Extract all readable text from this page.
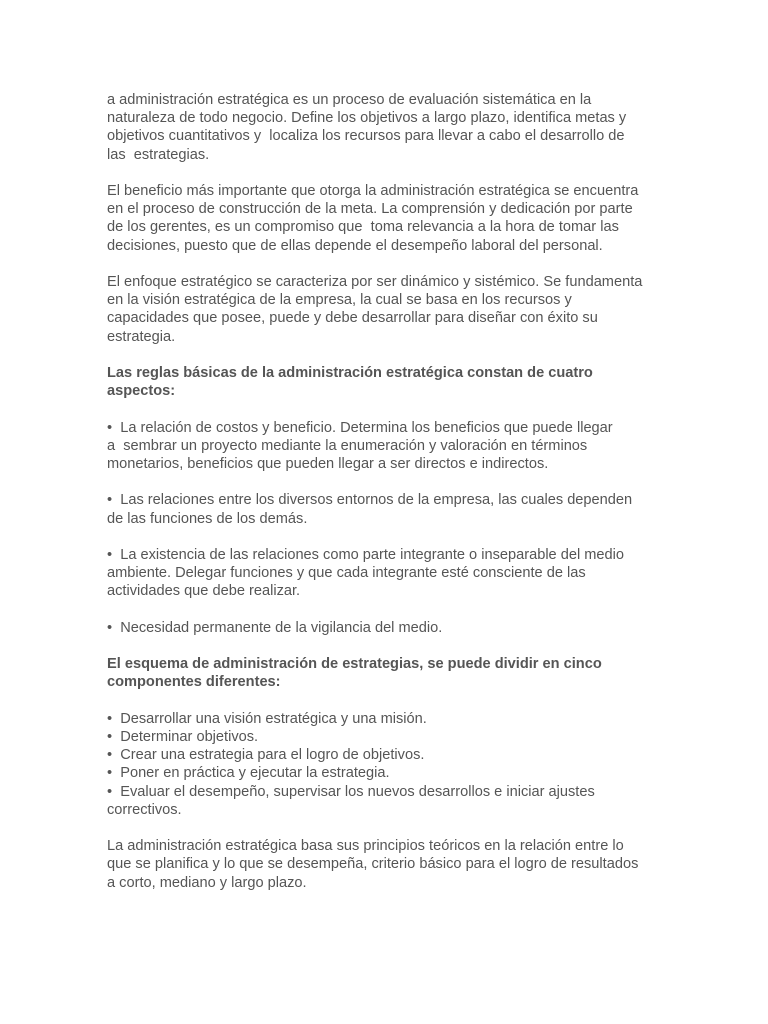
a administración estratégica es un proceso de evaluación sistemática en la
naturaleza de todo negocio. Define los objetivos a largo plazo, identifica metas y
objetivos cuantitativos y  localiza los recursos para llevar a cabo el desarrollo de
las  estrategias.

El beneficio más importante que otorga la administración estratégica se encuentra
en el proceso de construcción de la meta. La comprensión y dedicación por parte
de los gerentes, es un compromiso que  toma relevancia a la hora de tomar las
decisiones, puesto que de ellas depende el desempeño laboral del personal.

El enfoque estratégico se caracteriza por ser dinámico y sistémico. Se fundamenta
en la visión estratégica de la empresa, la cual se basa en los recursos y
capacidades que posee, puede y debe desarrollar para diseñar con éxito su
estrategia.

Las reglas básicas de la administración estratégica constan de cuatro
aspectos:

•  La relación de costos y beneficio. Determina los beneficios que puede llegar
a  sembrar un proyecto mediante la enumeración y valoración en términos
monetarios, beneficios que pueden llegar a ser directos e indirectos.

•  Las relaciones entre los diversos entornos de la empresa, las cuales dependen
de las funciones de los demás.

•  La existencia de las relaciones como parte integrante o inseparable del medio
ambiente. Delegar funciones y que cada integrante esté consciente de las
actividades que debe realizar.

•  Necesidad permanente de la vigilancia del medio.

El esquema de administración de estrategias, se puede dividir en cinco
componentes diferentes:

•  Desarrollar una visión estratégica y una misión.
•  Determinar objetivos.
•  Crear una estrategia para el logro de objetivos.
•  Poner en práctica y ejecutar la estrategia.
•  Evaluar el desempeño, supervisar los nuevos desarrollos e iniciar ajustes
correctivos.

La administración estratégica basa sus principios teóricos en la relación entre lo
que se planifica y lo que se desempeña, criterio básico para el logro de resultados
a corto, mediano y largo plazo.
